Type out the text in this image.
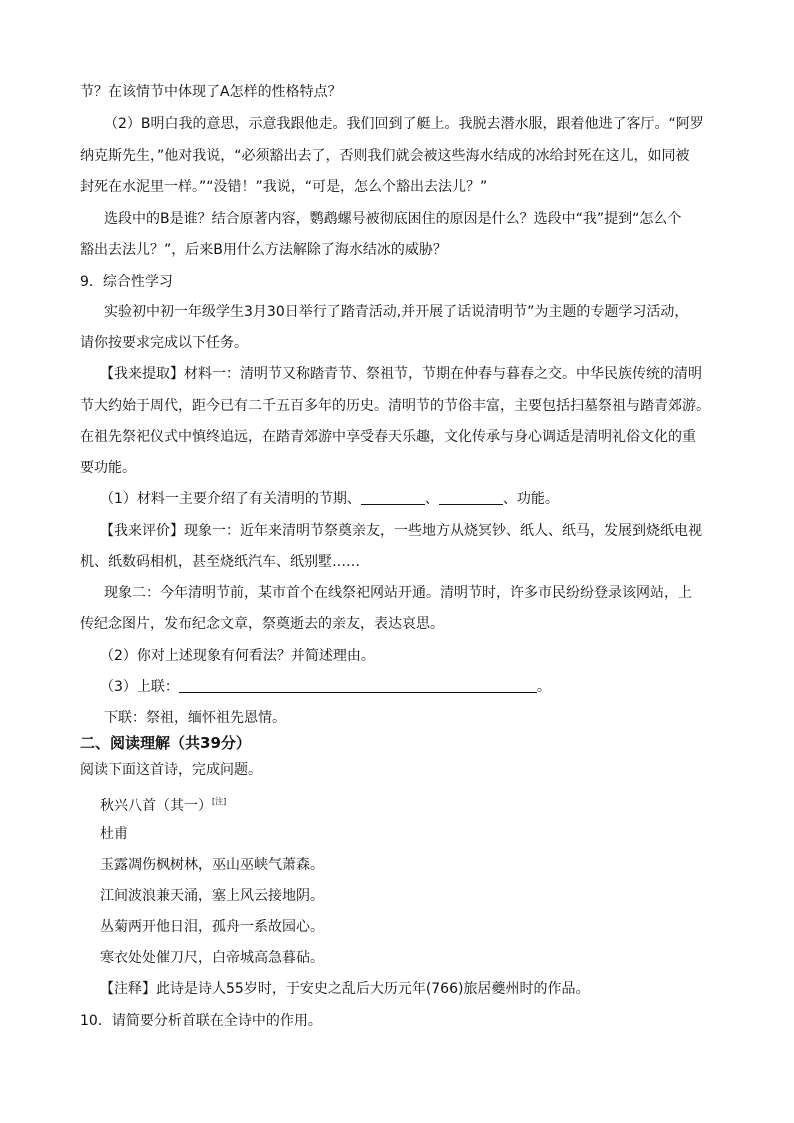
节？在该情节中体现了A怎样的性格特点？
（2）B明白我的意思，示意我跟他走。我们回到了艇上。我脱去潜水服，跟着他进了客厅。“阿罗
纳克斯先生，”他对我说，“必须豁出去了，否则我们就会被这些海水结成的冰给封死在这儿，如同被
封死在水泥里一样。”“没错！”我说，“可是，怎么个豁出去法儿？”
选段中的B是谁？结合原著内容，鹦鹉螺号被彻底困住的原因是什么？选段中“我”提到“怎么个
豁出去法儿？”，后来B用什么方法解除了海水结冰的威胁？
9．综合性学习
实验初中初一年级学生3月30日举行了踏青活动,并开展了话说清明节”为主题的专题学习活动，
请你按要求完成以下任务。
【我来提取】材料一：清明节又称踏青节、祭祖节，节期在仲春与暮春之交。中华民族传统的清明
节大约始于周代，距今已有二千五百多年的历史。清明节的节俗丰富，主要包括扫墓祭祖与踏青郊游。
在祖先祭祀仪式中慎终追远，在踏青郊游中享受春天乐趣，文化传承与身心调适是清明礼俗文化的重
要功能。
（1）材料一主要介绍了有关清明的节期、	、	、功能。
【我来评价】现象一：近年来清明节祭奠亲友，一些地方从烧冥钞、纸人、纸马，发展到烧纸电视
机、纸数码相机，甚至烧纸汽车、纸别墅……
现象二：今年清明节前，某市首个在线祭祀网站开通。清明节时，许多市民纷纷登录该网站，上
传纪念图片，发布纪念文章，祭奠逝去的亲友，表达哀思。
（2）你对上述现象有何看法？并简述理由。
（3）上联：	。
下联：祭祖，缅怀祖先恩情。
二、阅读理解（共39分）
阅读下面这首诗，完成问题。
秋兴八首（其一）[注]
杜甫
玉露凋伤枫树林，巫山巫峡气萧森。
江间波浪兼天涌，塞上风云接地阴。
丛菊两开他日泪，孤舟一系故园心。
寒衣处处催刀尺，白帝城高急暮砧。
【注释】此诗是诗人55岁时，于安史之乱后大历元年(766)旅居夔州时的作品。
10．请简要分析首联在全诗中的作用。
